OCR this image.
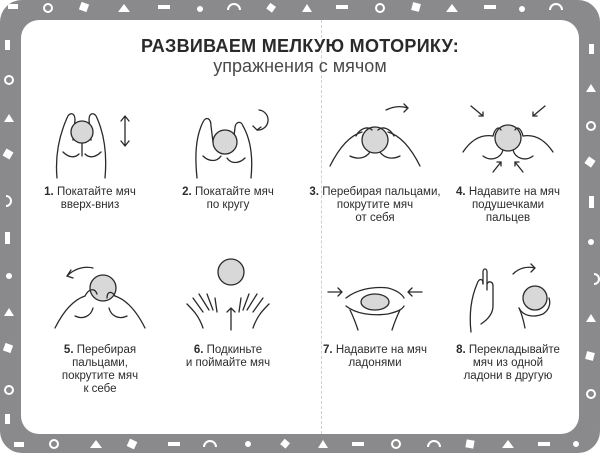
РАЗВИВАЕМ МЕЛКУЮ МОТОРИКУ:
упражнения с мячом
1. Покатайте мяч
вверх-вниз
2. Покатайте мяч
по кругу
3. Перебирая пальцами,
покрутите мяч
от себя
4. Надавите на мяч
подушечками
пальцев
5. Перебирая
пальцами,
покрутите мяч
к себе
6. Подкиньте
и поймайте мяч
7. Надавите на мяч
ладонями
8. Перекладывайте
мяч из одной
ладони в другую
